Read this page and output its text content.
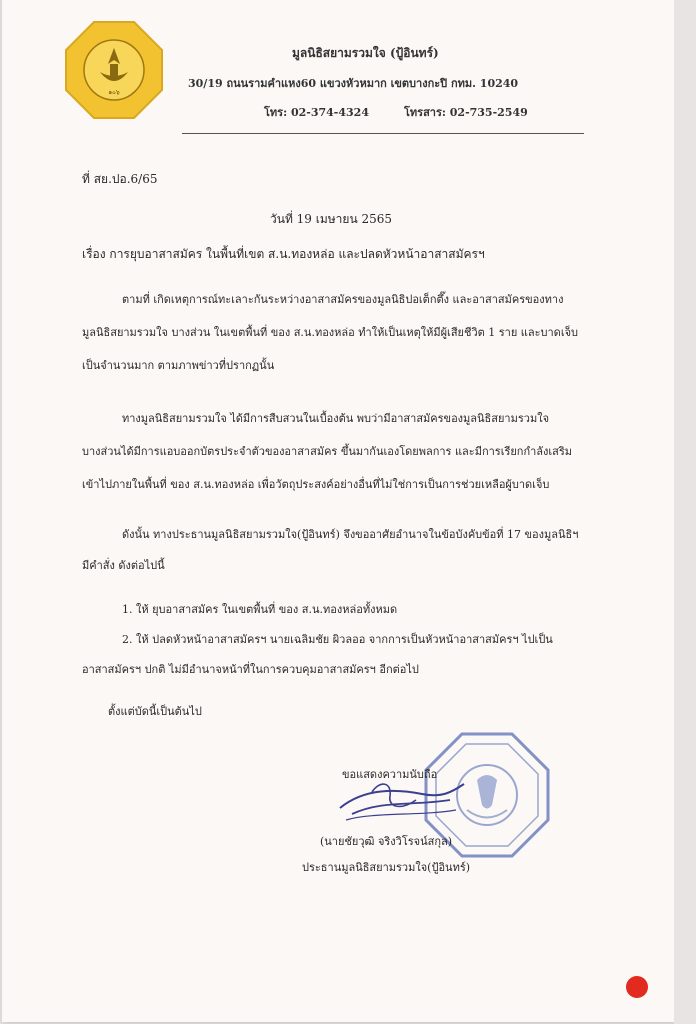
๑๐๖
มูลนิธิสยามรวมใจ (ปู้อินทร์)
30/19 ถนนรามคำแหง60 แขวงหัวหมาก เขตบางกะปิ กทม. 10240
โทร: 02-374-4324	โทรสาร: 02-735-2549
ที่ สย.ปอ.6/65
วันที่ 19 เมษายน 2565
เรื่อง การยุบอาสาสมัคร ในพื้นที่เขต ส.น.ทองหล่อ และปลดหัวหน้าอาสาสมัครฯ
ตามที่ เกิดเหตุการณ์ทะเลาะกันระหว่างอาสาสมัครของมูลนิธิปอเต็กตึ๊ง และอาสาสมัครของทาง
มูลนิธิสยามรวมใจ บางส่วน ในเขตพื้นที่ ของ ส.น.ทองหล่อ ทำให้เป็นเหตุให้มีผู้เสียชีวิต 1 ราย และบาดเจ็บ
เป็นจำนวนมาก ตามภาพข่าวที่ปรากฏนั้น
ทางมูลนิธิสยามรวมใจ ได้มีการสืบสวนในเบื้องต้น พบว่ามีอาสาสมัครของมูลนิธิสยามรวมใจ
บางส่วนได้มีการแอบออกบัตรประจำตัวของอาสาสมัคร ขึ้นมากันเองโดยพลการ และมีการเรียกกำลังเสริม
เข้าไปภายในพื้นที่ ของ ส.น.ทองหล่อ เพื่อวัตถุประสงค์อย่างอื่นที่ไม่ใช่การเป็นการช่วยเหลือผู้บาดเจ็บ
ดังนั้น ทางประธานมูลนิธิสยามรวมใจ(ปู้อินทร์) จึงขออาศัยอำนาจในข้อบังคับข้อที่ 17 ของมูลนิธิฯ
มีคำสั่ง ดังต่อไปนี้
1. ให้ ยุบอาสาสมัคร ในเขตพื้นที่ ของ ส.น.ทองหล่อทั้งหมด
2. ให้ ปลดหัวหน้าอาสาสมัครฯ นายเฉลิมชัย ผิวลออ จากการเป็นหัวหน้าอาสาสมัครฯ ไปเป็น
อาสาสมัครฯ ปกติ ไม่มีอำนาจหน้าที่ในการควบคุมอาสาสมัครฯ อีกต่อไป
ตั้งแต่บัดนี้เป็นต้นไป
ขอแสดงความนับถือ
(นายชัยวุฒิ จริงวิโรจน์สกุล)
ประธานมูลนิธิสยามรวมใจ(ปู้อินทร์)
